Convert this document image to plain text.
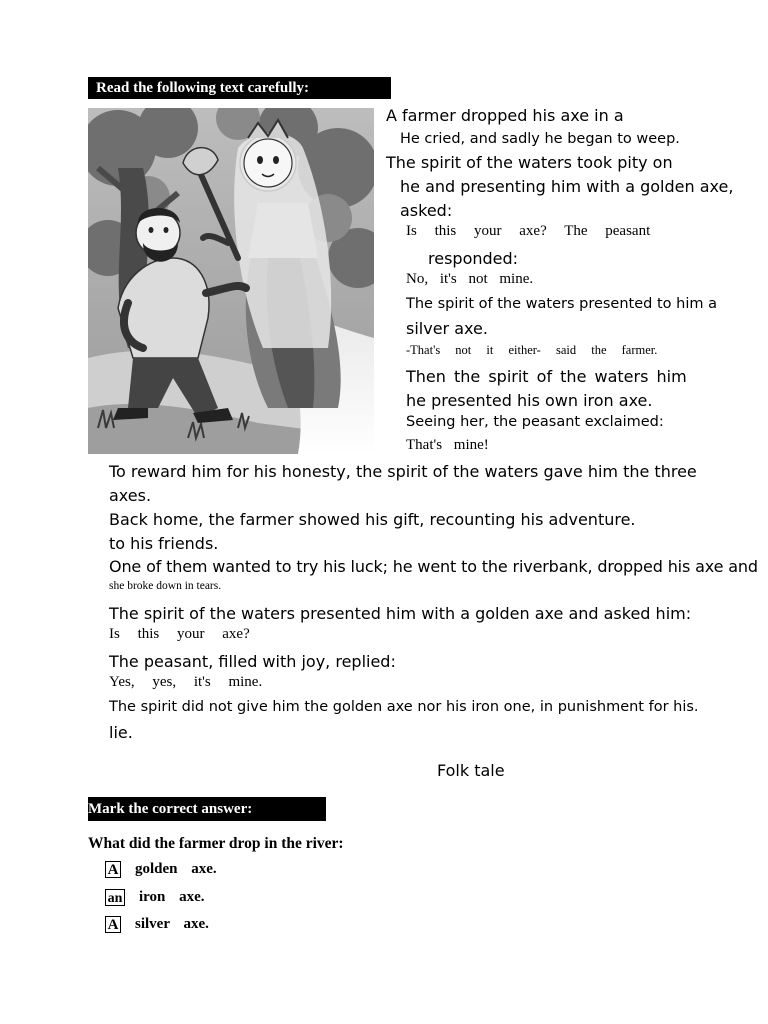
Read the following text carefully:
A farmer dropped his axe in a
He cried, and sadly he began to weep.
The spirit of the waters took pity on
he and presenting him with a golden axe,
asked:
Is this your axe? The peasant
responded:
No, it's not mine.
The spirit of the waters presented to him a
silver axe.
-That's not it either- said the farmer.
Then the spirit of the waters him
he presented his own iron axe.
Seeing her, the peasant exclaimed:
That's mine!
To reward him for his honesty, the spirit of the waters gave him the three
axes.
Back home, the farmer showed his gift, recounting his adventure.
to his friends.
One of them wanted to try his luck; he went to the riverbank, dropped his axe and
she broke down in tears.
The spirit of the waters presented him with a golden axe and asked him:
Is this your axe?
The peasant, filled with joy, replied:
Yes, yes, it's mine.
The spirit did not give him the golden axe nor his iron one, in punishment for his.
lie.
Folk tale
Mark the correct answer:
What did the farmer drop in the river:
A golden axe.
an iron axe.
A silver axe.
